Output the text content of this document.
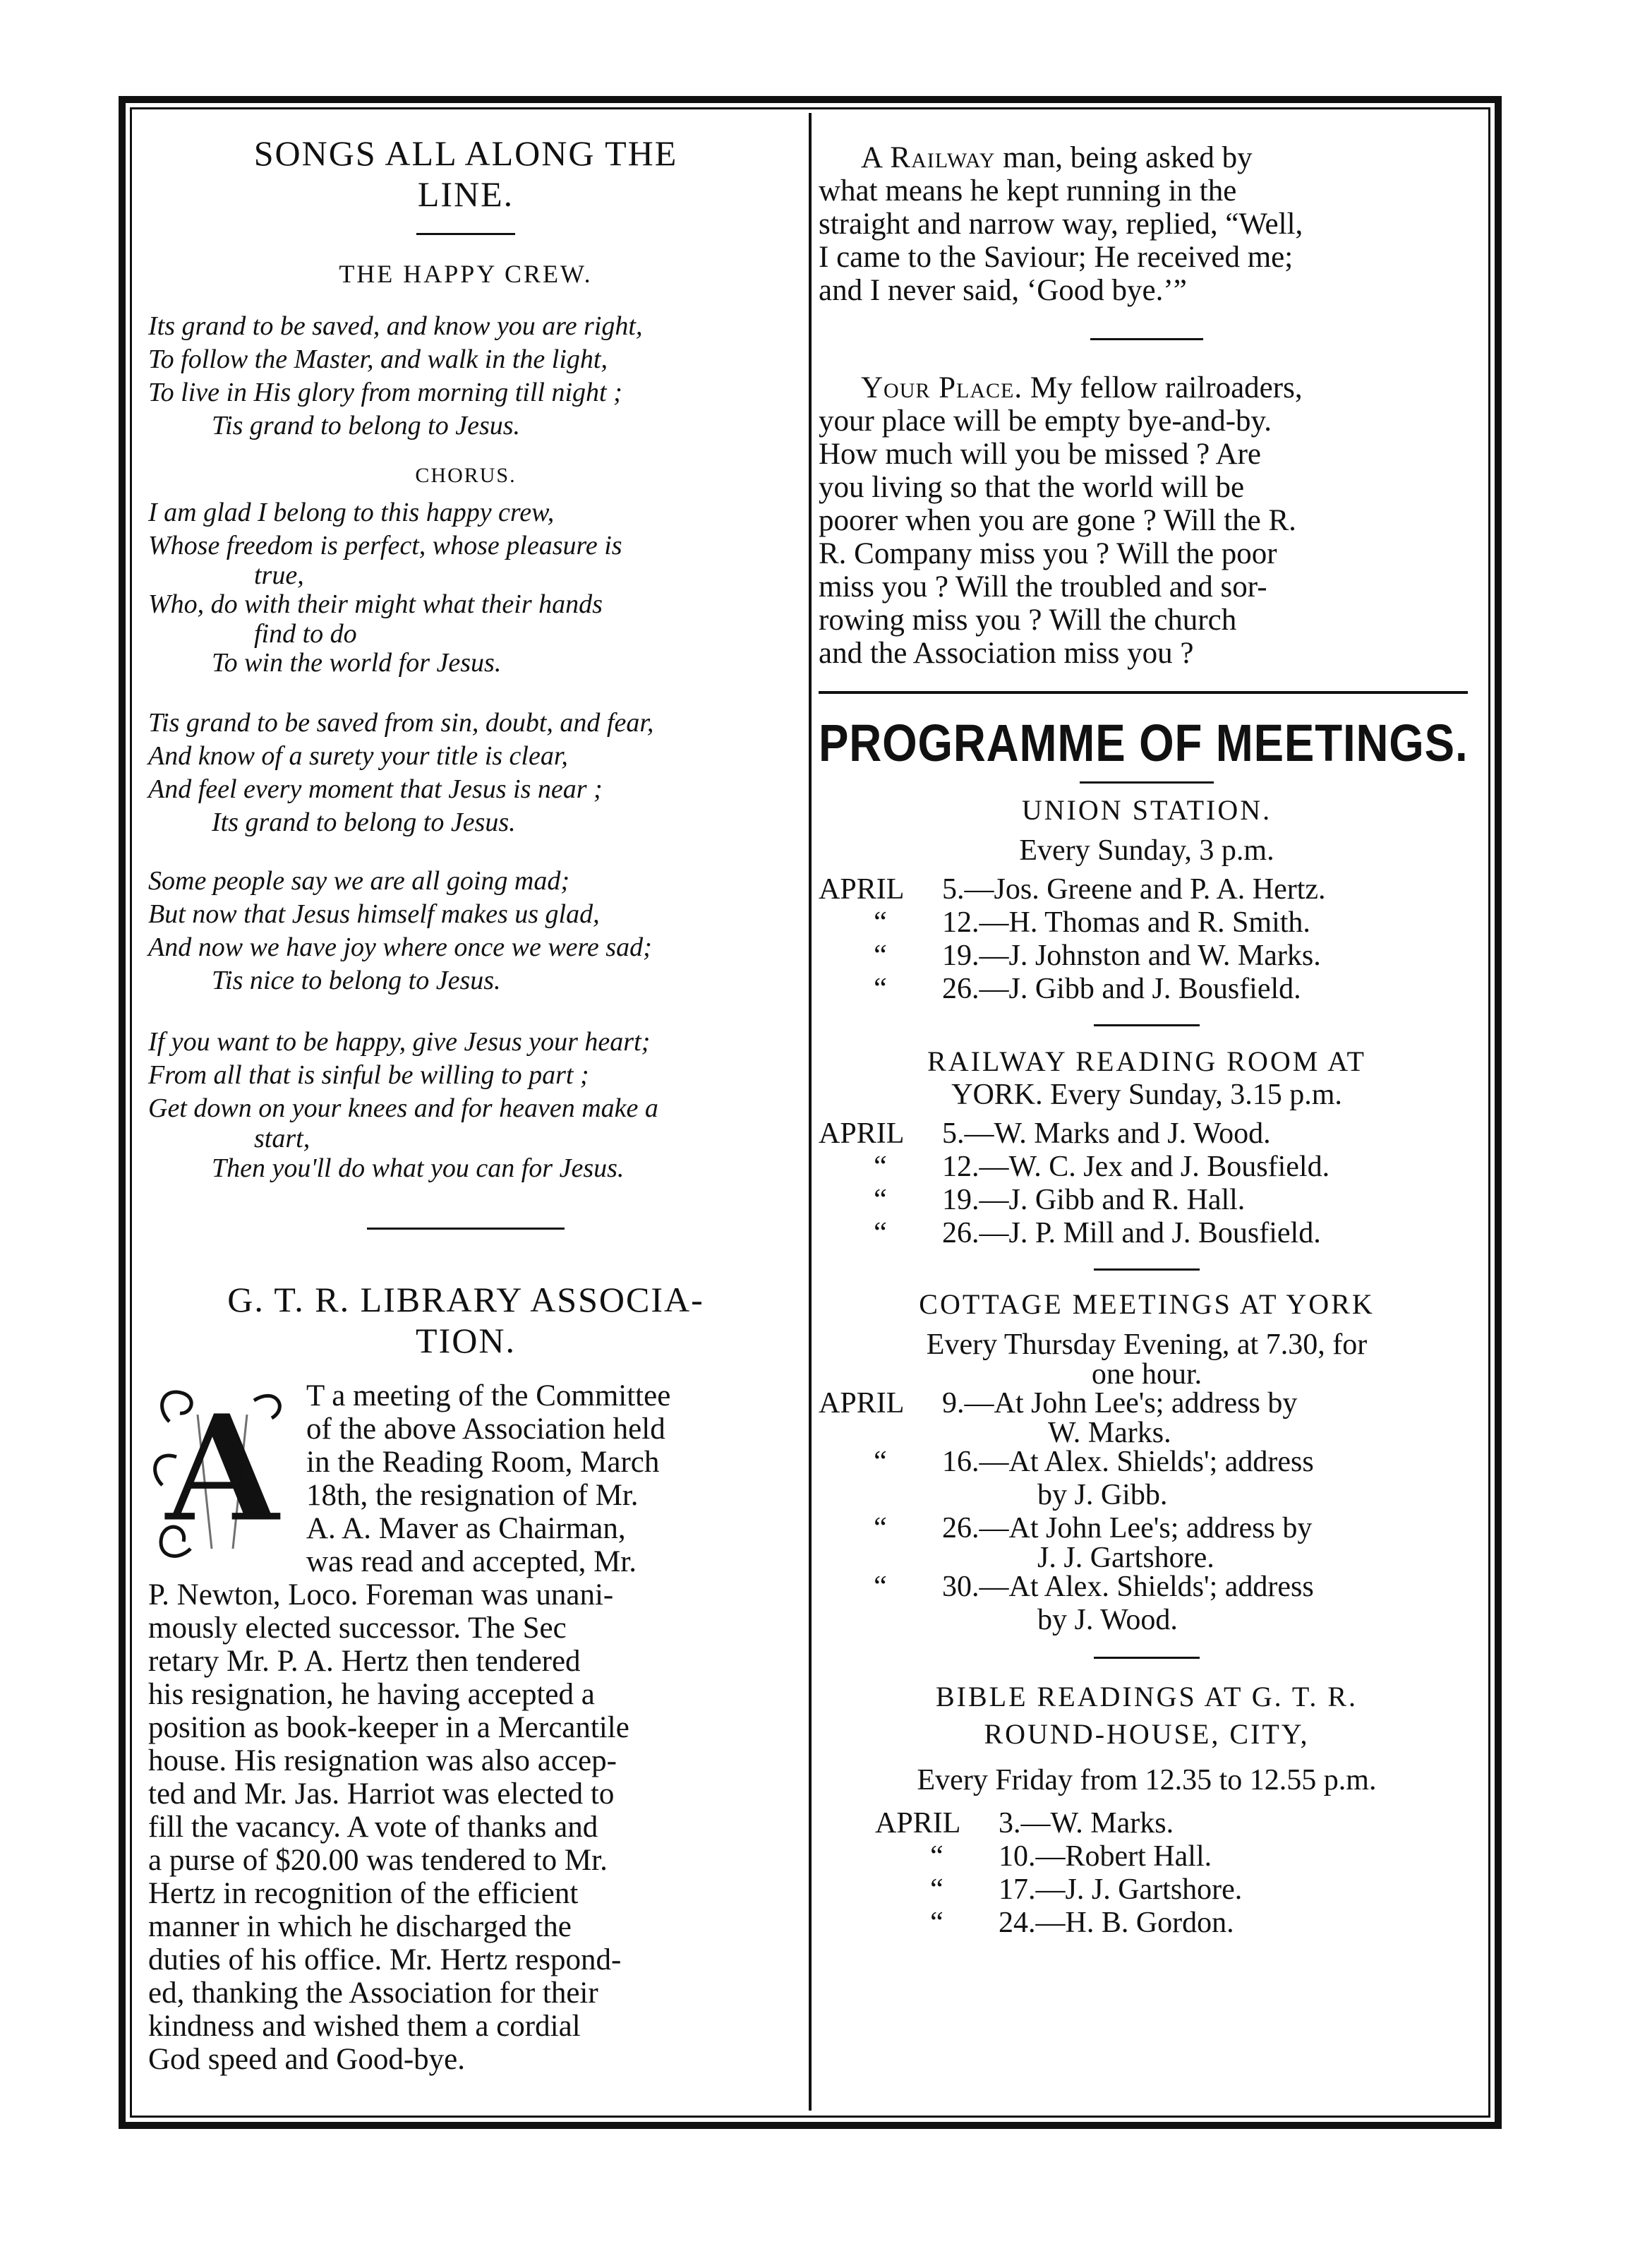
SONGS ALL ALONG THE
LINE.
THE HAPPY CREW.
Its grand to be saved, and know you are right,
To follow the Master, and walk in the light,
To live in His glory from morning till night ;
Tis grand to belong to Jesus.
CHORUS.
I am glad I belong to this happy crew,
Whose freedom is perfect, whose pleasure is
true,
Who, do with their might what their hands
find to do
To win the world for Jesus.
Tis grand to be saved from sin, doubt, and fear,
And know of a surety your title is clear,
And feel every moment that Jesus is near ;
Its grand to belong to Jesus.
Some people say we are all going mad;
But now that Jesus himself makes us glad,
And now we have joy where once we were sad;
Tis nice to belong to Jesus.
If you want to be happy, give Jesus your heart;
From all that is sinful be willing to part ;
Get down on your knees and for heaven make a
start,
Then you'll do what you can for Jesus.
G. T. R. LIBRARY ASSOCIA-
TION.
A T a meeting of the Committee
of the above Association held
in the Reading Room, March
18th, the resignation of Mr.
A. A. Maver as Chairman,
was read and accepted, Mr.
P. Newton, Loco. Foreman was unani-
mously elected successor. The Sec
retary Mr. P. A. Hertz then tendered
his resignation, he having accepted a
position as book-keeper in a Mercantile
house. His resignation was also accep-
ted and Mr. Jas. Harriot was elected to
fill the vacancy. A vote of thanks and
a purse of $20.00 was tendered to Mr.
Hertz in recognition of the efficient
manner in which he discharged the
duties of his office. Mr. Hertz respond-
ed, thanking the Association for their
kindness and wished them a cordial
God speed and Good-bye.
A Railway man, being asked by
what means he kept running in the
straight and narrow way, replied, “Well,
I came to the Saviour; He received me;
and I never said, ‘Good bye.’”
Your Place. My fellow railroaders,
your place will be empty bye-and-by.
How much will you be missed ? Are
you living so that the world will be
poorer when you are gone ? Will the R.
R. Company miss you ? Will the poor
miss you ? Will the troubled and sor-
rowing miss you ? Will the church
and the Association miss you ?
PROGRAMME OF MEETINGS.
UNION STATION.
Every Sunday, 3 p.m.
APRIL	5.—Jos. Greene and P. A. Hertz.
“	12.—H. Thomas and R. Smith.
“	19.—J. Johnston and W. Marks.
“	26.—J. Gibb and J. Bousfield.
RAILWAY READING ROOM AT
YORK. Every Sunday, 3.15 p.m.
APRIL	5.—W. Marks and J. Wood.
“	12.—W. C. Jex and J. Bousfield.
“	19.—J. Gibb and R. Hall.
“	26.—J. P. Mill and J. Bousfield.
COTTAGE MEETINGS AT YORK
Every Thursday Evening, at 7.30, for
one hour.
APRIL	9.—At John Lee's; address by
W. Marks.
“	16.—At Alex. Shields'; address
by J. Gibb.
“	26.—At John Lee's; address by
J. J. Gartshore.
“	30.—At Alex. Shields'; address
by J. Wood.
BIBLE READINGS AT G. T. R.
ROUND-HOUSE, CITY,
Every Friday from 12.35 to 12.55 p.m.
APRIL	3.—W. Marks.
“	10.—Robert Hall.
“	17.—J. J. Gartshore.
“	24.—H. B. Gordon.
